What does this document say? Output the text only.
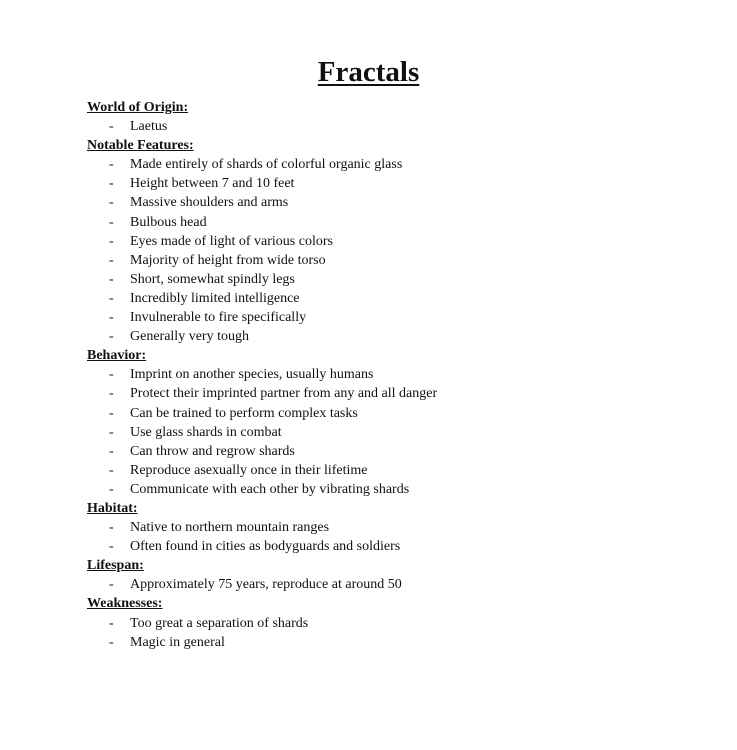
Fractals
World of Origin:
- Laetus
Notable Features:
- Made entirely of shards of colorful organic glass
- Height between 7 and 10 feet
- Massive shoulders and arms
- Bulbous head
- Eyes made of light of various colors
- Majority of height from wide torso
- Short, somewhat spindly legs
- Incredibly limited intelligence
- Invulnerable to fire specifically
- Generally very tough
Behavior:
- Imprint on another species, usually humans
- Protect their imprinted partner from any and all danger
- Can be trained to perform complex tasks
- Use glass shards in combat
- Can throw and regrow shards
- Reproduce asexually once in their lifetime
- Communicate with each other by vibrating shards
Habitat:
- Native to northern mountain ranges
- Often found in cities as bodyguards and soldiers
Lifespan:
- Approximately 75 years, reproduce at around 50
Weaknesses:
- Too great a separation of shards
- Magic in general
